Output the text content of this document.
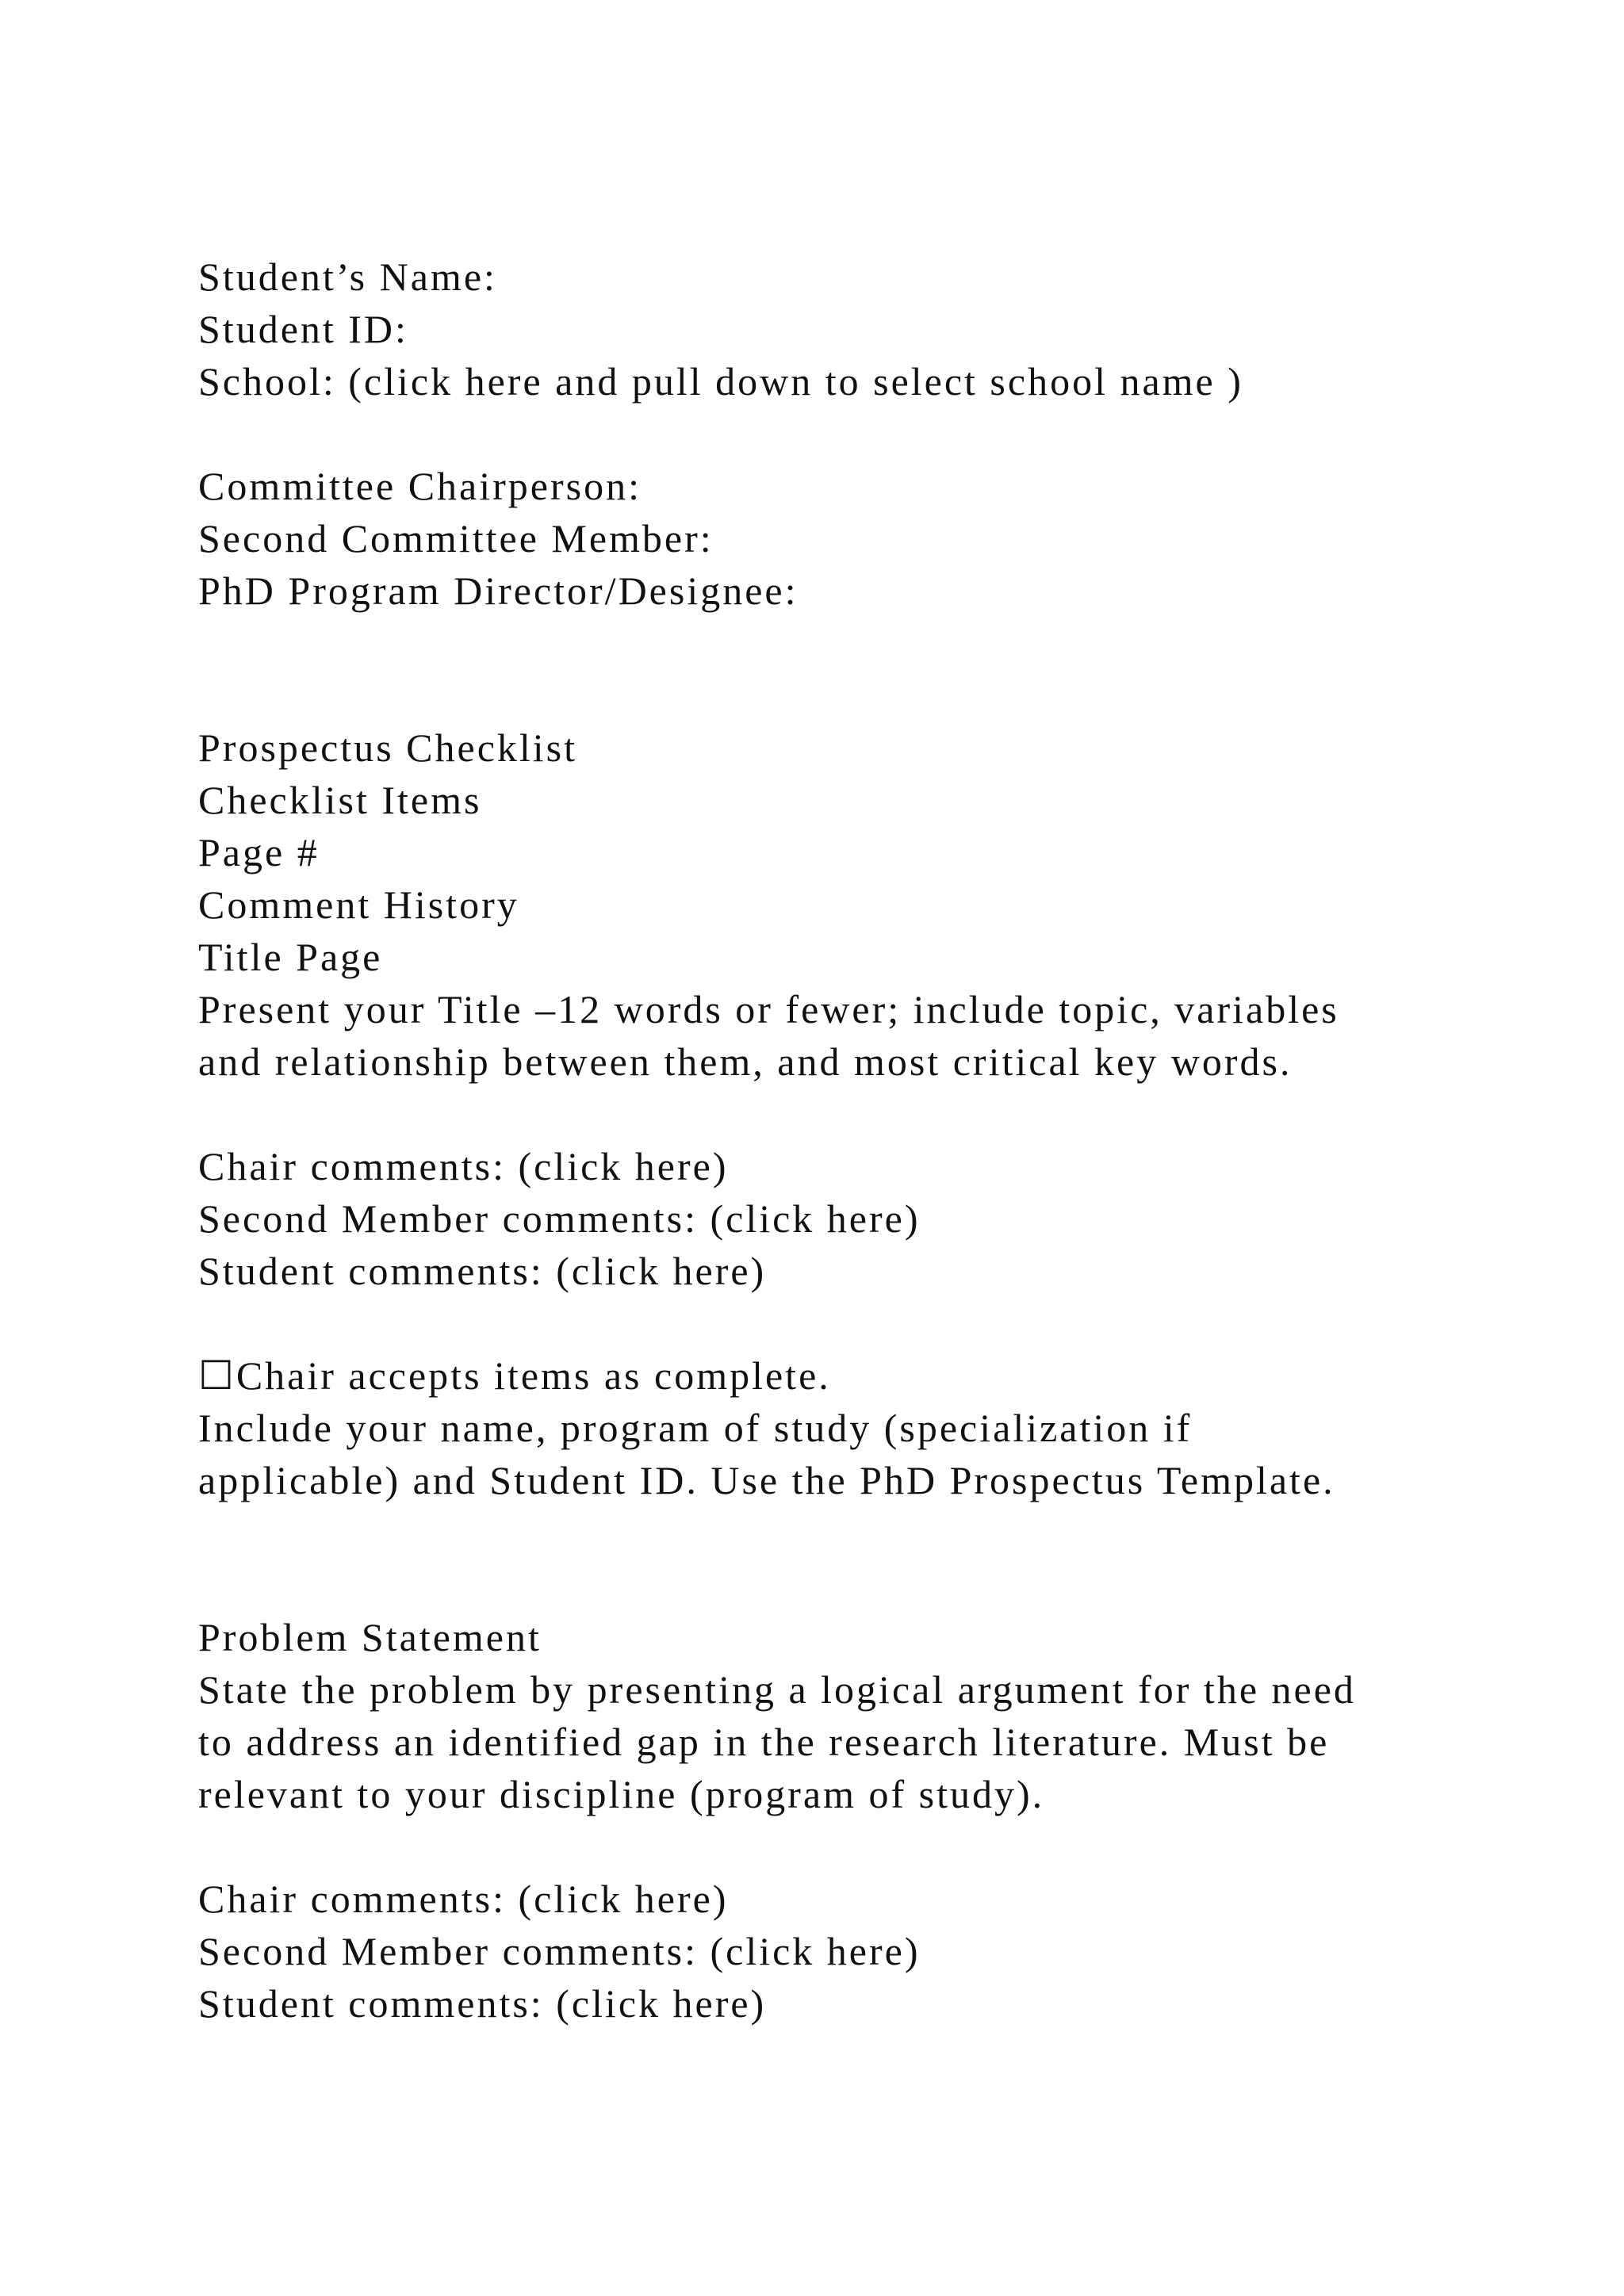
Student’s Name:
Student ID:
School: (click here and pull down to select school name )
Committee Chairperson:
Second Committee Member:
PhD Program Director/Designee:
Prospectus Checklist
Checklist Items
Page #
Comment History
Title Page
Present your Title –12 words or fewer; include topic, variables
and relationship between them, and most critical key words.
Chair comments: (click here)
Second Member comments: (click here)
Student comments: (click here)
☐Chair accepts items as complete.
Include your name, program of study (specialization if
applicable) and Student ID. Use the PhD Prospectus Template.
Problem Statement
State the problem by presenting a logical argument for the need
to address an identified gap in the research literature. Must be
relevant to your discipline (program of study).
Chair comments: (click here)
Second Member comments: (click here)
Student comments: (click here)
